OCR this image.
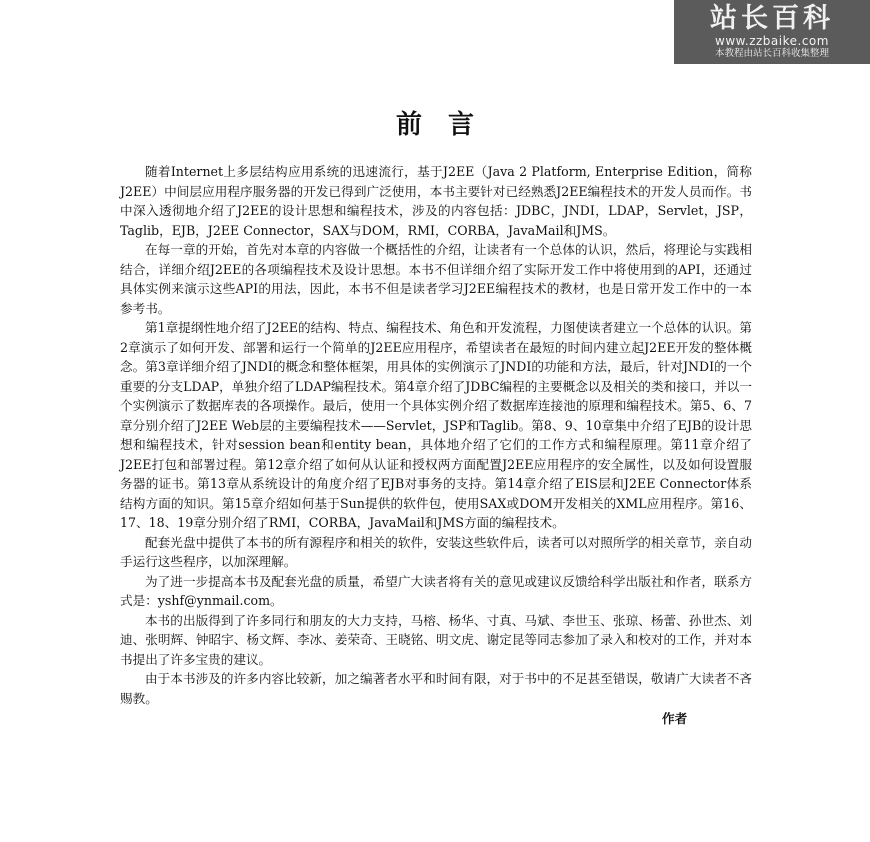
站长百科
www.zzbaike.com
本教程由站长百科收集整理
前言

随着Internet上多层结构应用系统的迅速流行，基于J2EE（Java 2 Platform, Enterprise Edition，简称J2EE）中间层应用程序服务器的开发已得到广泛使用，本书主要针对已经熟悉J2EE编程技术的开发人员而作。书中深入透彻地介绍了J2EE的设计思想和编程技术，涉及的内容包括：JDBC，JNDI，LDAP，Servlet，JSP，Taglib，EJB，J2EE Connector，SAX与DOM，RMI，CORBA，JavaMail和JMS。

在每一章的开始，首先对本章的内容做一个概括性的介绍，让读者有一个总体的认识，然后，将理论与实践相结合，详细介绍J2EE的各项编程技术及设计思想。本书不但详细介绍了实际开发工作中将使用到的API，还通过具体实例来演示这些API的用法，因此，本书不但是读者学习J2EE编程技术的教材，也是日常开发工作中的一本参考书。

第1章提纲性地介绍了J2EE的结构、特点、编程技术、角色和开发流程，力图使读者建立一个总体的认识。第2章演示了如何开发、部署和运行一个简单的J2EE应用程序，希望读者在最短的时间内建立起J2EE开发的整体概念。第3章详细介绍了JNDI的概念和整体框架，用具体的实例演示了JNDI的功能和方法，最后，针对JNDI的一个重要的分支LDAP，单独介绍了LDAP编程技术。第4章介绍了JDBC编程的主要概念以及相关的类和接口，并以一个实例演示了数据库表的各项操作。最后，使用一个具体实例介绍了数据库连接池的原理和编程技术。第5、6、7章分别介绍了J2EE Web层的主要编程技术——Servlet，JSP和Taglib。第8、9、10章集中介绍了EJB的设计思想和编程技术，针对session bean和entity bean，具体地介绍了它们的工作方式和编程原理。第11章介绍了J2EE打包和部署过程。第12章介绍了如何从认证和授权两方面配置J2EE应用程序的安全属性，以及如何设置服务器的证书。第13章从系统设计的角度介绍了EJB对事务的支持。第14章介绍了EIS层和J2EE Connector体系结构方面的知识。第15章介绍如何基于Sun提供的软件包，使用SAX或DOM开发相关的XML应用程序。第16、17、18、19章分别介绍了RMI，CORBA，JavaMail和JMS方面的编程技术。

配套光盘中提供了本书的所有源程序和相关的软件，安装这些软件后，读者可以对照所学的相关章节，亲自动手运行这些程序，以加深理解。

为了进一步提高本书及配套光盘的质量，希望广大读者将有关的意见或建议反馈给科学出版社和作者，联系方式是：yshf@ynmail.com。

本书的出版得到了许多同行和朋友的大力支持，马榕、杨华、寸真、马斌、李世玉、张琼、杨蕾、孙世杰、刘迪、张明辉、钟昭宇、杨文辉、李冰、姜荣奇、王晓铭、明文虎、谢定昆等同志参加了录入和校对的工作，并对本书提出了许多宝贵的建议。

由于本书涉及的许多内容比较新，加之编著者水平和时间有限，对于书中的不足甚至错误，敬请广大读者不吝赐教。

作者
